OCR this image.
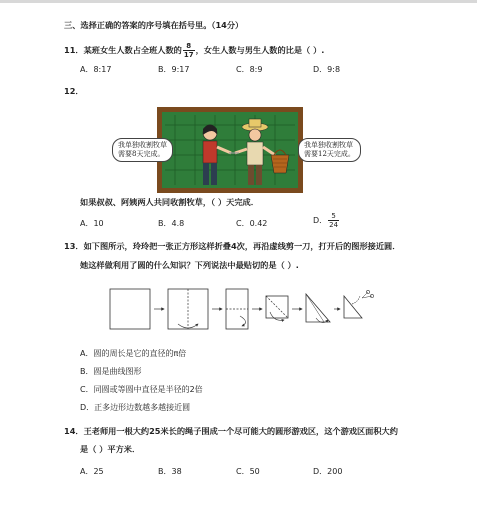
三、选择正确的答案的序号填在括号里。（14分）
11．某班女生人数占全班人数的 $\frac{8}{17}$ ，女生人数与男生人数的比是（ ）.
A．8:17	B．9:17	C．8:9	D．9:8
12．
我单独收割牧草
需要8天完成。
我单独收割牧草
需要12天完成。
如果叔叔、阿姨两人共同收割牧草，（ ）天完成．
A．10	B．4.8	C．0.42	D． $\frac{5}{24}$
13．如下图所示，玲玲把一张正方形这样折叠4次，再沿虚线剪一刀，打开后的图形接近圆．
她这样做利用了圆的什么知识？下列说法中最贴切的是（ ）.
A．圆的周长是它的直径的π倍
B．圆是曲线图形
C．同圆或等圆中直径是半径的2倍
D．正多边形边数越多越接近圆
14．王老师用一根大约25米长的绳子围成一个尽可能大的圆形游戏区，这个游戏区面积大约
是（ ）平方米．
A．25	B．38	C．50	D．200
